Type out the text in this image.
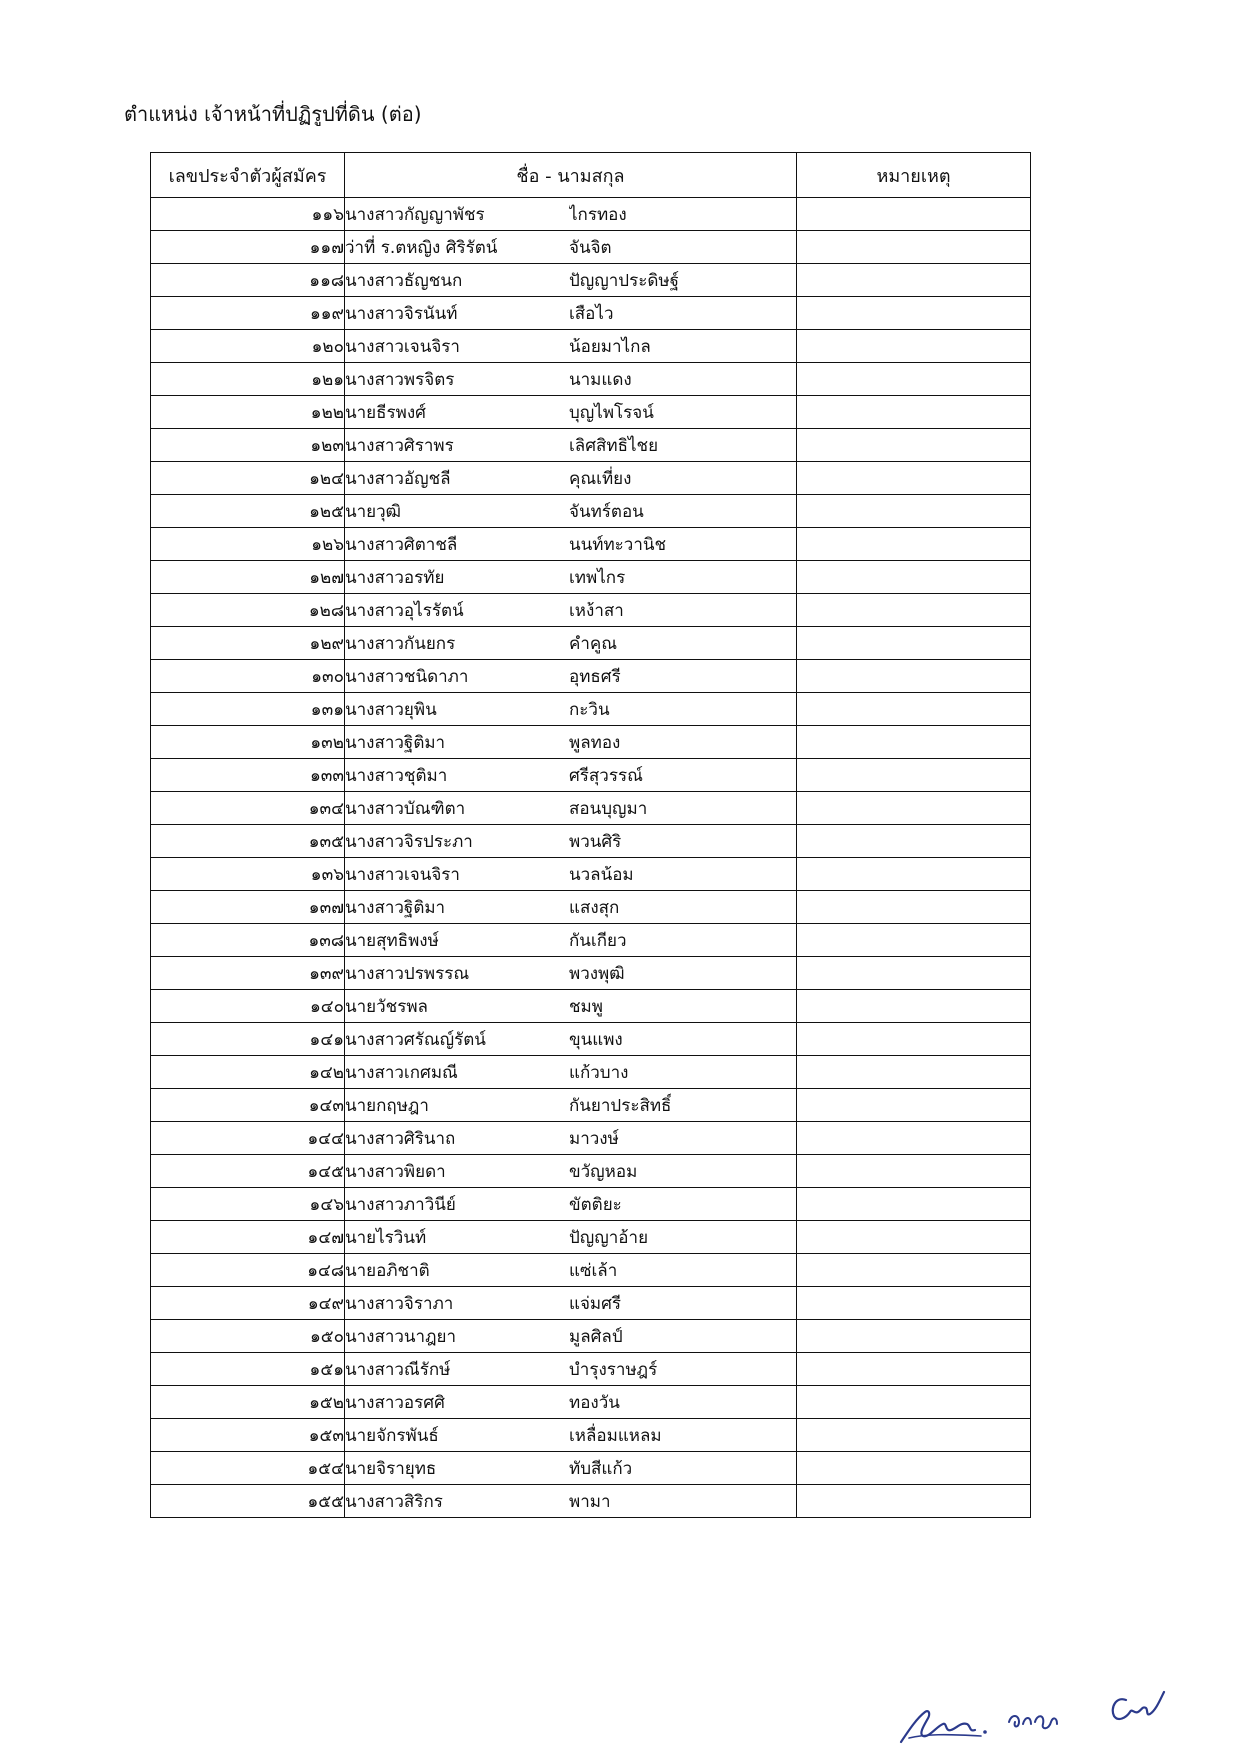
ตำแหน่ง เจ้าหน้าที่ปฏิรูปที่ดิน (ต่อ)
เลขประจำตัวผู้สมัคร	ชื่อ - นามสกุล	หมายเหตุ
๑๑๖	นางสาวกัญญาพัชร ไกรทอง	
๑๑๗	ว่าที่ ร.ตหญิง ศิริรัตน์ จันจิต	
๑๑๘	นางสาวธัญชนก ปัญญาประดิษฐ์	
๑๑๙	นางสาวจิรนันท์ เสือไว	
๑๒๐	นางสาวเจนจิรา น้อยมาไกล	
๑๒๑	นางสาวพรจิตร นามแดง	
๑๒๒	นายธีรพงศ์ บุญไพโรจน์	
๑๒๓	นางสาวศิราพร เลิศสิทธิไชย	
๑๒๔	นางสาวอัญชลี คุณเที่ยง	
๑๒๕	นายวุฒิ จันทร์ตอน	
๑๒๖	นางสาวศิตาชลี นนท์ทะวานิช	
๑๒๗	นางสาวอรทัย เทพไกร	
๑๒๘	นางสาวอุไรรัตน์ เหง้าสา	
๑๒๙	นางสาวกันยกร คำคูณ	
๑๓๐	นางสาวชนิดาภา อุทธศรี	
๑๓๑	นางสาวยุพิน กะวิน	
๑๓๒	นางสาวฐิติมา พูลทอง	
๑๓๓	นางสาวชุติมา ศรีสุวรรณ์	
๑๓๔	นางสาวบัณฑิตา สอนบุญมา	
๑๓๕	นางสาวจิรประภา พวนศิริ	
๑๓๖	นางสาวเจนจิรา นวลน้อม	
๑๓๗	นางสาวฐิติมา แสงสุก	
๑๓๘	นายสุทธิพงษ์ กันเกียว	
๑๓๙	นางสาวปรพรรณ พวงพุฒิ	
๑๔๐	นายวัชรพล ชมพู	
๑๔๑	นางสาวศรัณญ์รัตน์ ขุนแพง	
๑๔๒	นางสาวเกศมณี แก้วบาง	
๑๔๓	นายกฤษฎา กันยาประสิทธิ์	
๑๔๔	นางสาวศิรินาถ มาวงษ์	
๑๔๕	นางสาวพิยดา ขวัญหอม	
๑๔๖	นางสาวภาวินีย์ ขัตติยะ	
๑๔๗	นายไรวินท์ ปัญญาอ้าย	
๑๔๘	นายอภิชาติ แซ่เล้า	
๑๔๙	นางสาวจิราภา แจ่มศรี	
๑๕๐	นางสาวนาฎยา มูลศิลป์	
๑๕๑	นางสาวณีรักษ์ บำรุงราษฎร์	
๑๕๒	นางสาวอรศศิ ทองวัน	
๑๕๓	นายจักรพันธ์ เหลื่อมแหลม	
๑๕๔	นายจิรายุทธ ทับสีแก้ว	
๑๕๕	นางสาวสิริกร พามา	
